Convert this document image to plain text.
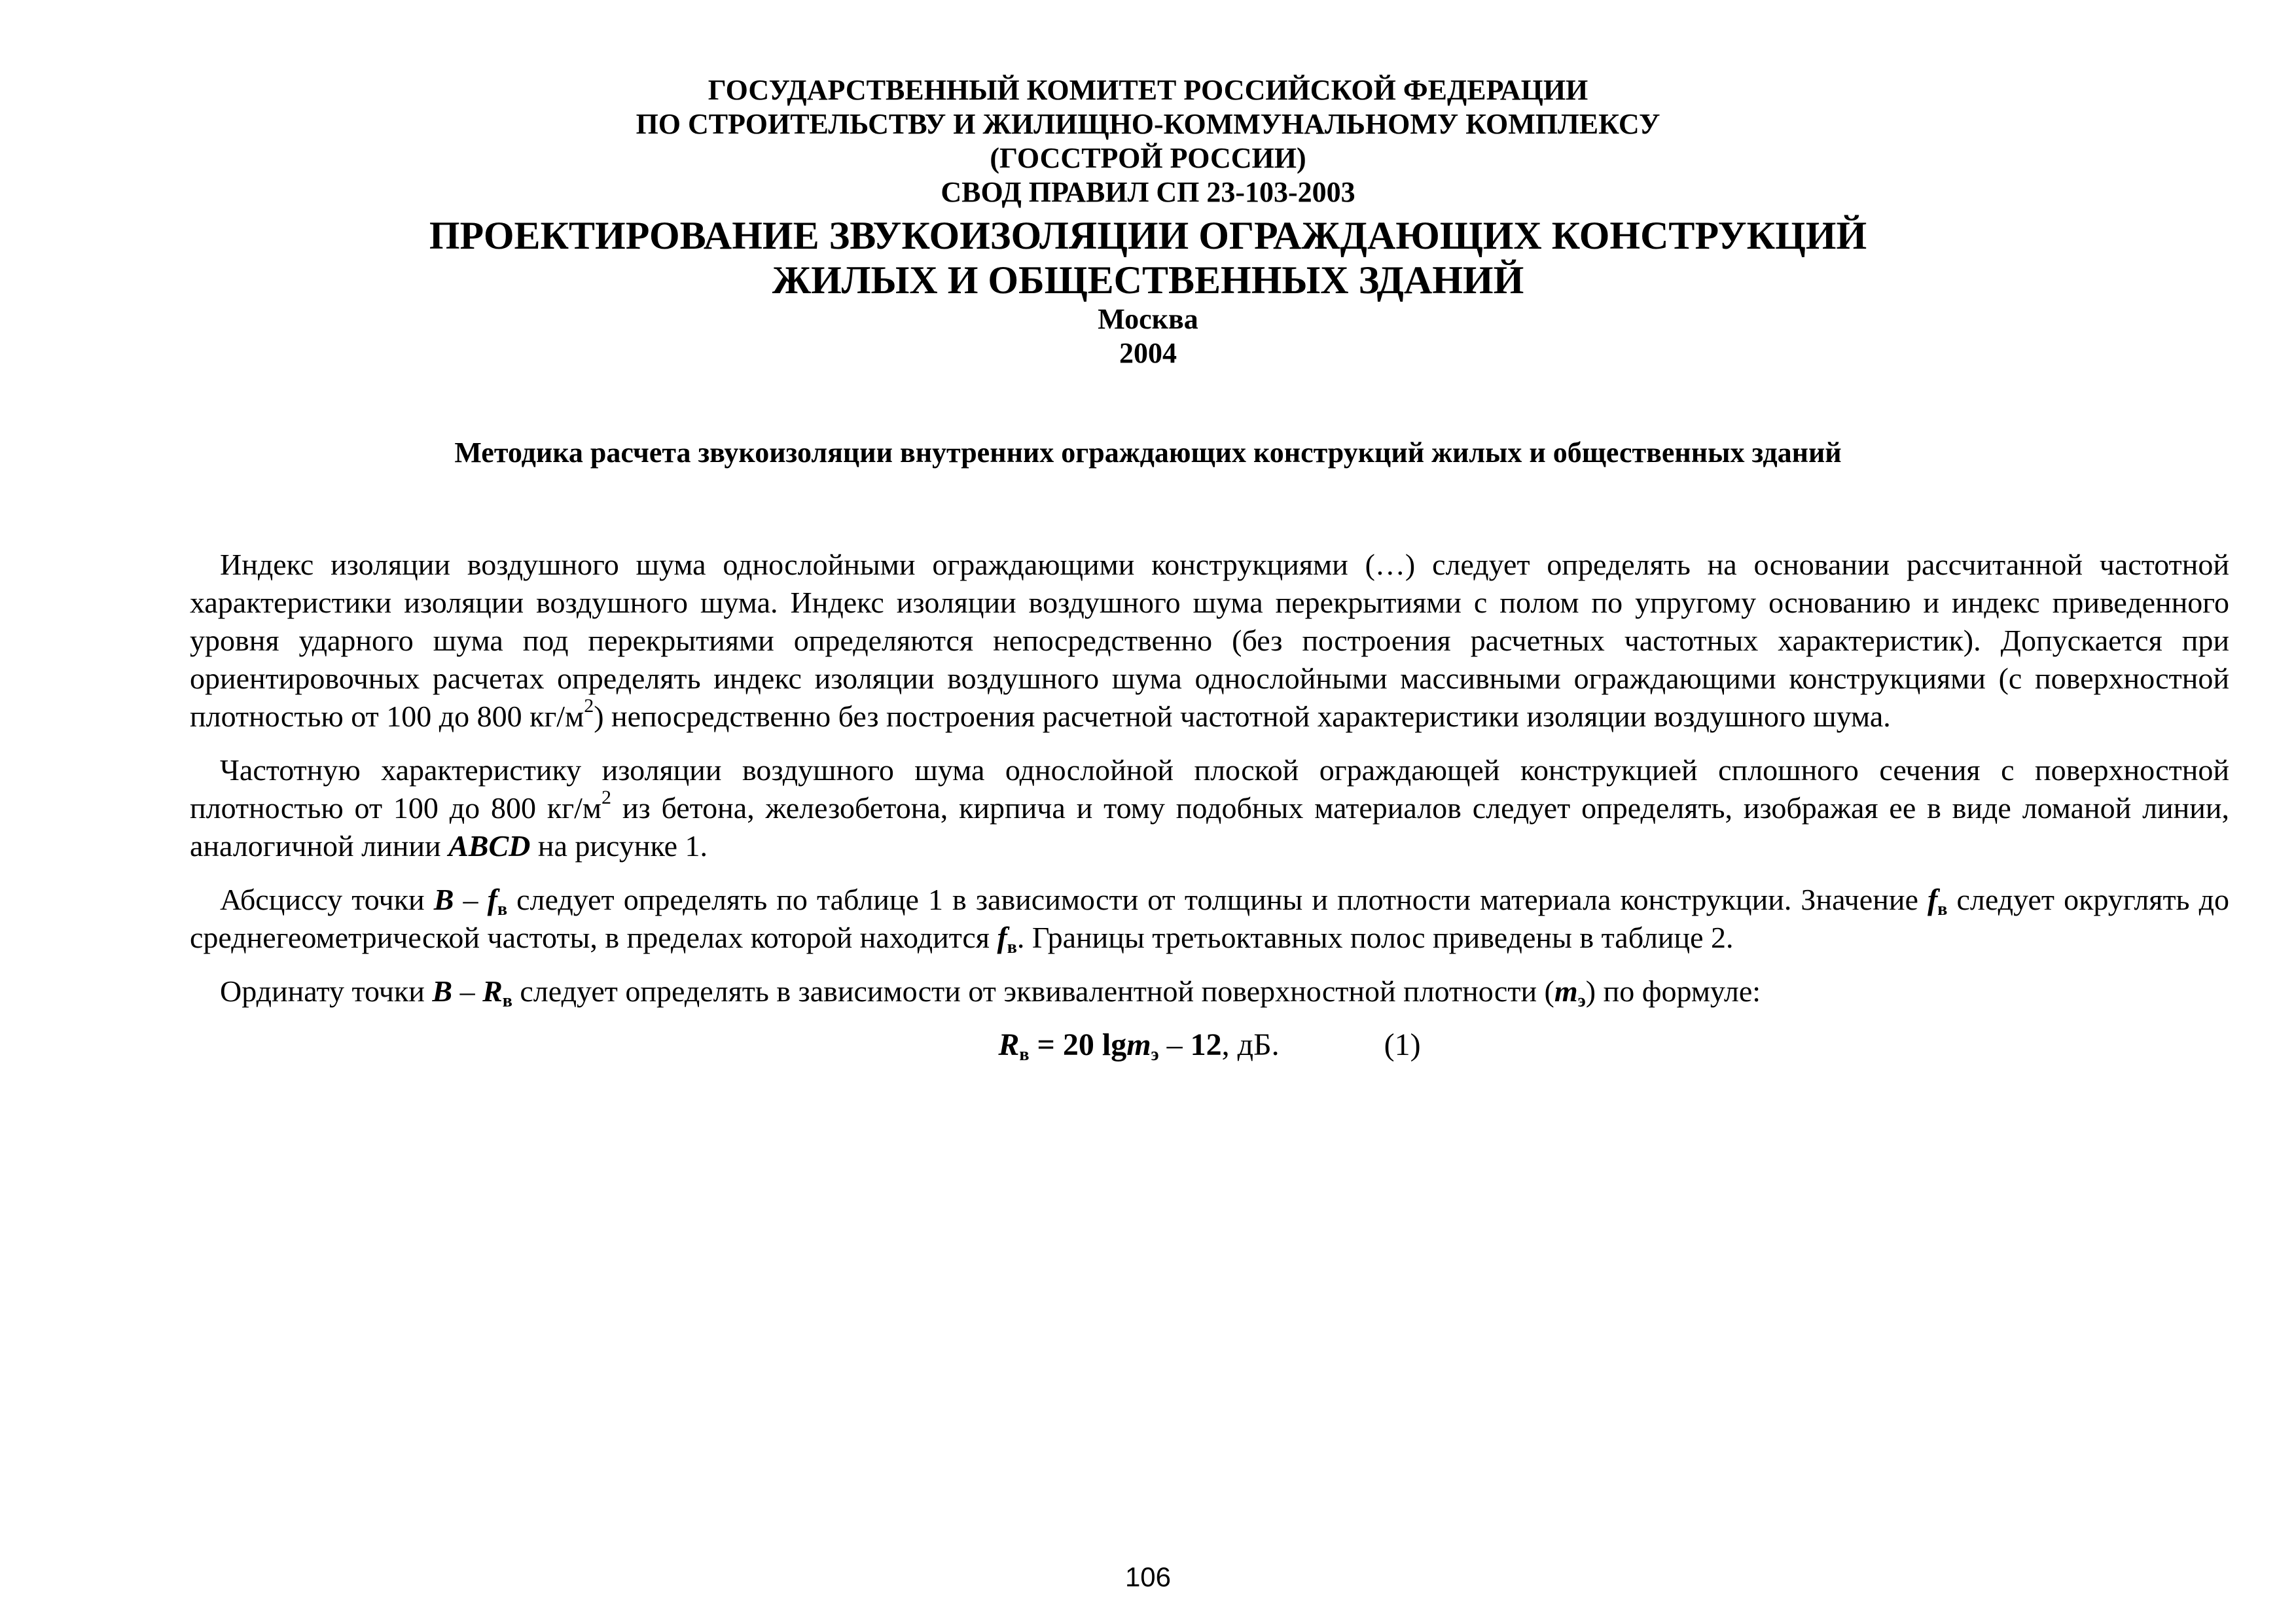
ГОСУДАРСТВЕННЫЙ КОМИТЕТ РОССИЙСКОЙ ФЕДЕРАЦИИ
ПО СТРОИТЕЛЬСТВУ И ЖИЛИЩНО-КОММУНАЛЬНОМУ КОМПЛЕКСУ
(ГОССТРОЙ РОССИИ)
СВОД ПРАВИЛ СП 23-103-2003
ПРОЕКТИРОВАНИЕ ЗВУКОИЗОЛЯЦИИ ОГРАЖДАЮЩИХ КОНСТРУКЦИЙ
ЖИЛЫХ И ОБЩЕСТВЕННЫХ ЗДАНИЙ
Москва
2004
Методика расчета звукоизоляции внутренних ограждающих конструкций жилых и общественных зданий

Индекс изоляции воздушного шума однослойными ограждающими конструкциями (…) следует определять на основании рассчитанной частотной характеристики изоляции воздушного шума. Индекс изоляции воздушного шума перекрытиями с полом по упругому основанию и индекс приведенного уровня ударного шума под перекрытиями определяются непосредственно (без построения расчетных частотных характеристик). Допускается при ориентировочных расчетах определять индекс изоляции воздушного шума однослойными массивными ограждающими конструкциями (с поверхностной плотностью от 100 до 800 $кг/м^2$) непосредственно без построения расчетной частотной характеристики изоляции воздушного шума.

Частотную характеристику изоляции воздушного шума однослойной плоской ограждающей конструкцией сплошного сечения с поверхностной плотностью от 100 до 800 $кг/м^2$ из бетона, железобетона, кирпича и тому подобных материалов следует определять, изображая ее в виде ломаной линии, аналогичной линии ABCD на рисунке 1.

Абсциссу точки B – $f_в$ следует определять по таблице 1 в зависимости от толщины и плотности материала конструкции. Значение $f_в$ следует округлять до среднегеометрической частоты, в пределах которой находится $f_в$. Границы третьоктавных полос приведены в таблице 2.

Ординату точки B – $R_в$ следует определять в зависимости от эквивалентной поверхностной плотности $(m_э)$ по формуле:

$R_в = 20$ lgm$_э$ – 12, дБ.	(1)
106
